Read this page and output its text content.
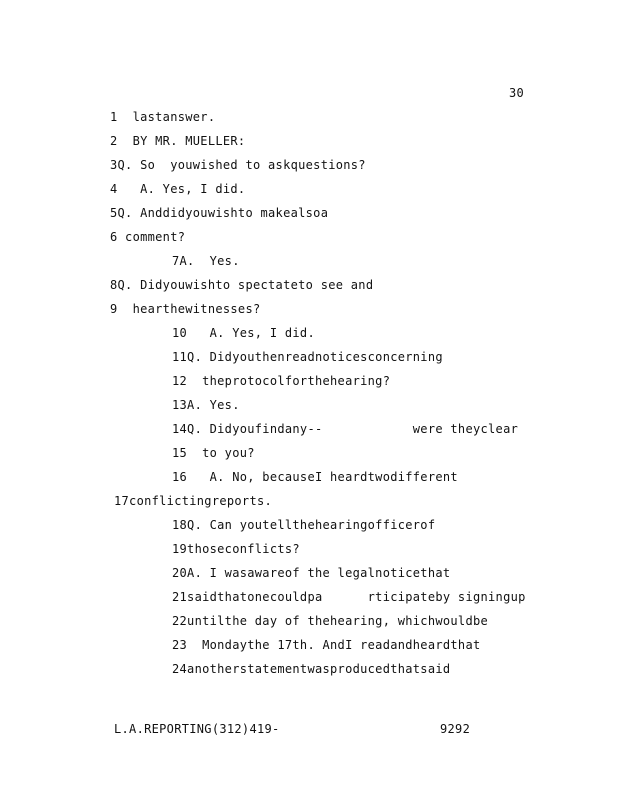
30
1  lastanswer.
2  BY MR. MUELLER:
3Q. So  youwished to askquestions?
4   A. Yes, I did.
5Q. Anddidyouwishto makealsoa
6 comment?
7A.  Yes.
8Q. Didyouwishto spectateto see and
9  hearthewitnesses?
10   A. Yes, I did.
11Q. Didyouthenreadnoticesconcerning
12  theprotocolforthehearing?
13A. Yes.
14Q. Didyoufindany--            were theyclear
15  to you?
16   A. No, becauseI heardtwodifferent
17conflictingreports.
18Q. Can youtellthehearingofficerof
19thoseconflicts?
20A. I wasawareof the legalnoticethat
21saidthatonecouldpa      rticipateby signingup
22untilthe day of thehearing, whichwouldbe
23  Mondaythe 17th. AndI readandheardthat
24anotherstatementwasproducedthatsaid
L.A.REPORTING(312)419-	9292
